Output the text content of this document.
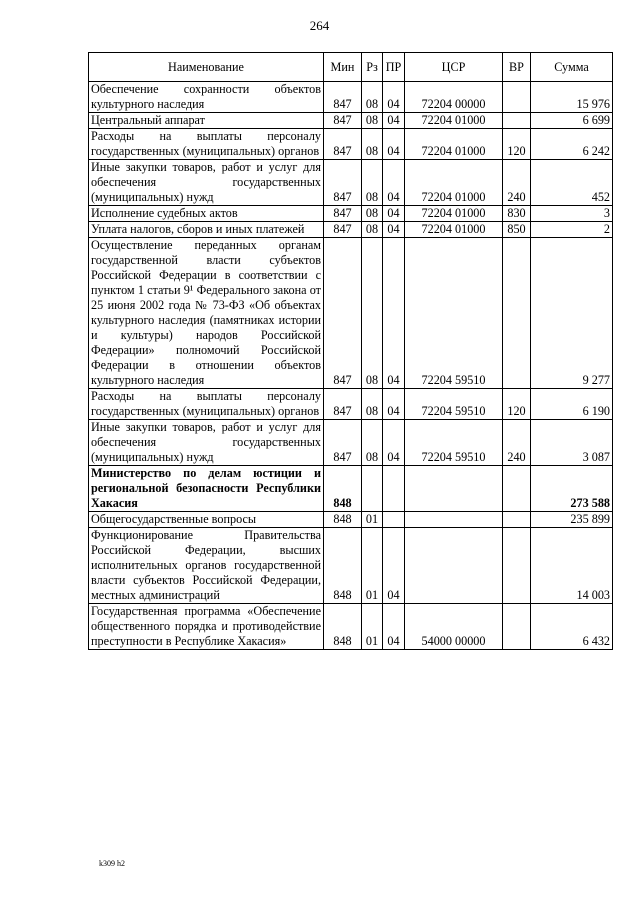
264
Наименование	Мин	Рз	ПР	ЦСР	ВР	Сумма
Обеспечение сохранности объектов культурного наследия	847	08	04	72204 00000		15 976
Центральный аппарат	847	08	04	72204 01000		6 699
Расходы на выплаты персоналу государственных (муниципальных) органов	847	08	04	72204 01000	120	6 242
Иные закупки товаров, работ и услуг для обеспечения государственных (муниципальных) нужд	847	08	04	72204 01000	240	452
Исполнение судебных актов	847	08	04	72204 01000	830	3
Уплата налогов, сборов и иных платежей	847	08	04	72204 01000	850	2
Осуществление переданных органам государственной власти субъектов Российской Федерации в соответствии с пунктом 1 статьи 9¹ Федерального закона от 25 июня 2002 года № 73-ФЗ «Об объектах культурного наследия (памятниках истории и культуры) народов Российской Федерации» полномочий Российской Федерации в отношении объектов культурного наследия	847	08	04	72204 59510		9 277
Расходы на выплаты персоналу государственных (муниципальных) органов	847	08	04	72204 59510	120	6 190
Иные закупки товаров, работ и услуг для обеспечения государственных (муниципальных) нужд	847	08	04	72204 59510	240	3 087
Министерство по делам юстиции и региональной безопасности Республики Хакасия	848					273 588
Общегосударственные вопросы	848	01				235 899
Функционирование Правительства Российской Федерации, высших исполнительных органов государственной власти субъектов Российской Федерации, местных администраций	848	01	04			14 003
Государственная программа «Обеспечение общественного порядка и противодействие преступности в Республике Хакасия»	848	01	04	54000 00000		6 432
k309 h2
